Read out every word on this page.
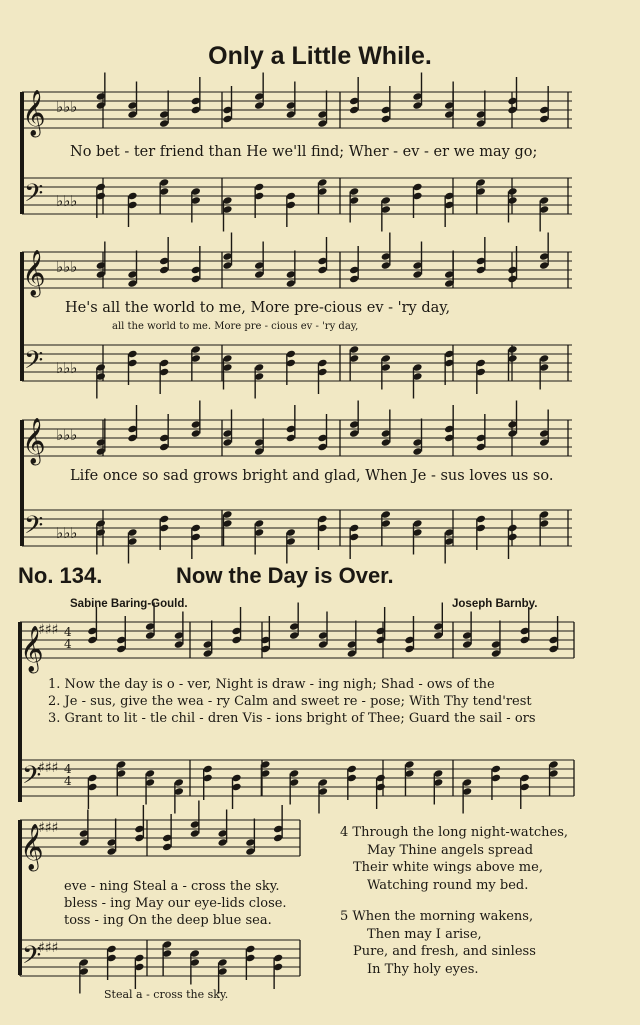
Only a Little While.
𝄞
𝄢
♭♭♭
♭♭♭
𝄞
𝄢
♭♭♭
♭♭♭
𝄞
𝄢
♭♭♭
♭♭♭
𝄞
𝄢
♯♯♯
♯♯♯
4
4
4
4
𝄞
𝄢
♯♯♯
♯♯♯
No bet - ter friend than He we'll find; Wher - ev - er we may go;
He's all the world to me, More pre-cious ev - 'ry day,
all the world to me. More pre - cious ev - 'ry day,
Life once so sad grows bright and glad, When Je - sus loves us so.
No. 134.	Now the Day is Over.
Sabine Baring-Gould.	Joseph Barnby.
1. Now the day is o - ver, Night is draw - ing nigh; Shad - ows of the
2. Je - sus, give the wea - ry Calm and sweet re - pose; With Thy tend'rest
3. Grant to lit - tle chil - dren Vis - ions bright of Thee; Guard the sail - ors
eve - ning Steal a - cross the sky.
bless - ing May our eye-lids close.
toss - ing On the deep blue sea.
Steal a - cross the sky.
4 Through the long night-watches,
May Thine angels spread
Their white wings above me,
Watching round my bed.
5 When the morning wakens,
Then may I arise,
Pure, and fresh, and sinless
In Thy holy eyes.
